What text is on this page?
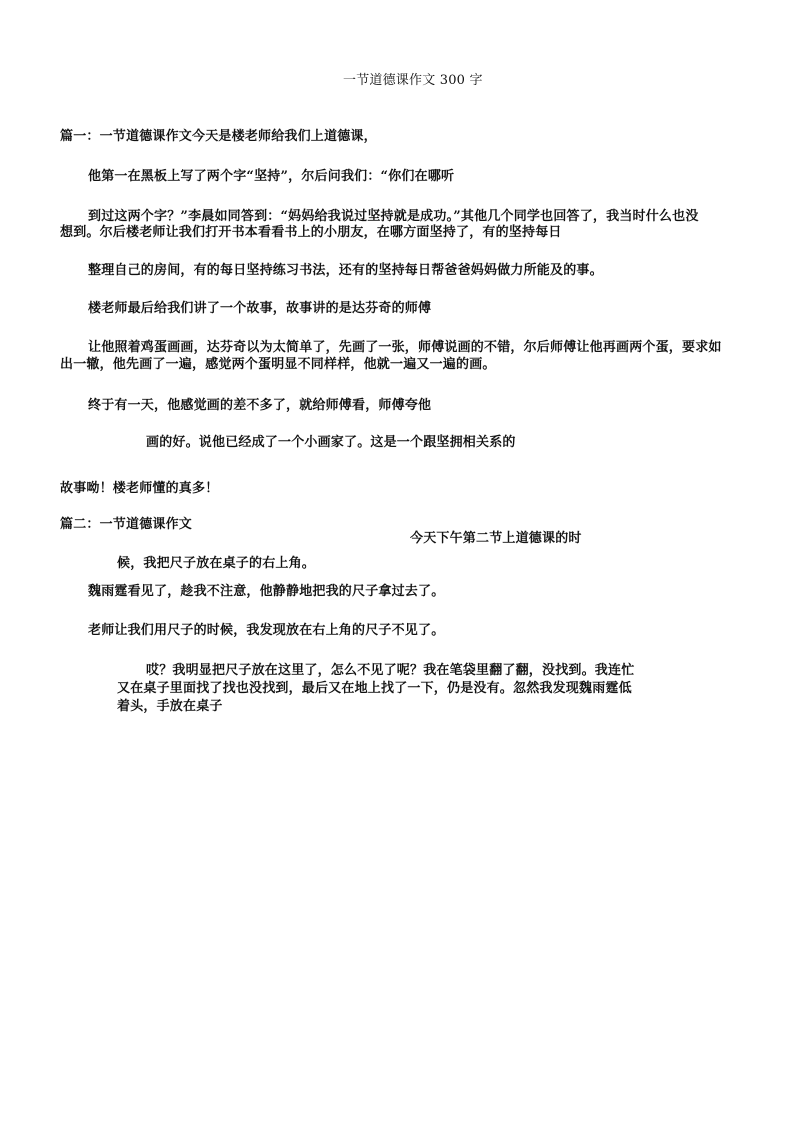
一节道德课作文 300 字
篇一：一节道德课作文今天是楼老师给我们上道德课，
他第一在黑板上写了两个字“坚持”，尔后问我们：“你们在哪听
到过这两个字？”李晨如同答到：“妈妈给我说过坚持就是成功。”其他几个同学也回答了，我当时什么也没
想到。尔后楼老师让我们打开书本看看书上的小朋友，在哪方面坚持了，有的坚持每日
整理自己的房间，有的每日坚持练习书法，还有的坚持每日帮爸爸妈妈做力所能及的事。
楼老师最后给我们讲了一个故事，故事讲的是达芬奇的师傅
让他照着鸡蛋画画，达芬奇以为太简单了，先画了一张，师傅说画的不错，尔后师傅让他再画两个蛋，要求如
出一辙，他先画了一遍，感觉两个蛋明显不同样样，他就一遍又一遍的画。
终于有一天，他感觉画的差不多了，就给师傅看，师傅夸他
画的好。说他已经成了一个小画家了。这是一个跟坚拥相关系的
故事呦！楼老师懂的真多！
篇二：一节道德课作文
今天下午第二节上道德课的时
候，我把尺子放在桌子的右上角。
魏雨霆看见了，趁我不注意，他静静地把我的尺子拿过去了。
老师让我们用尺子的时候，我发现放在右上角的尺子不见了。
哎？我明显把尺子放在这里了，怎么不见了呢？我在笔袋里翻了翻，没找到。我连忙
又在桌子里面找了找也没找到，最后又在地上找了一下，仍是没有。忽然我发现魏雨霆低
着头，手放在桌子
